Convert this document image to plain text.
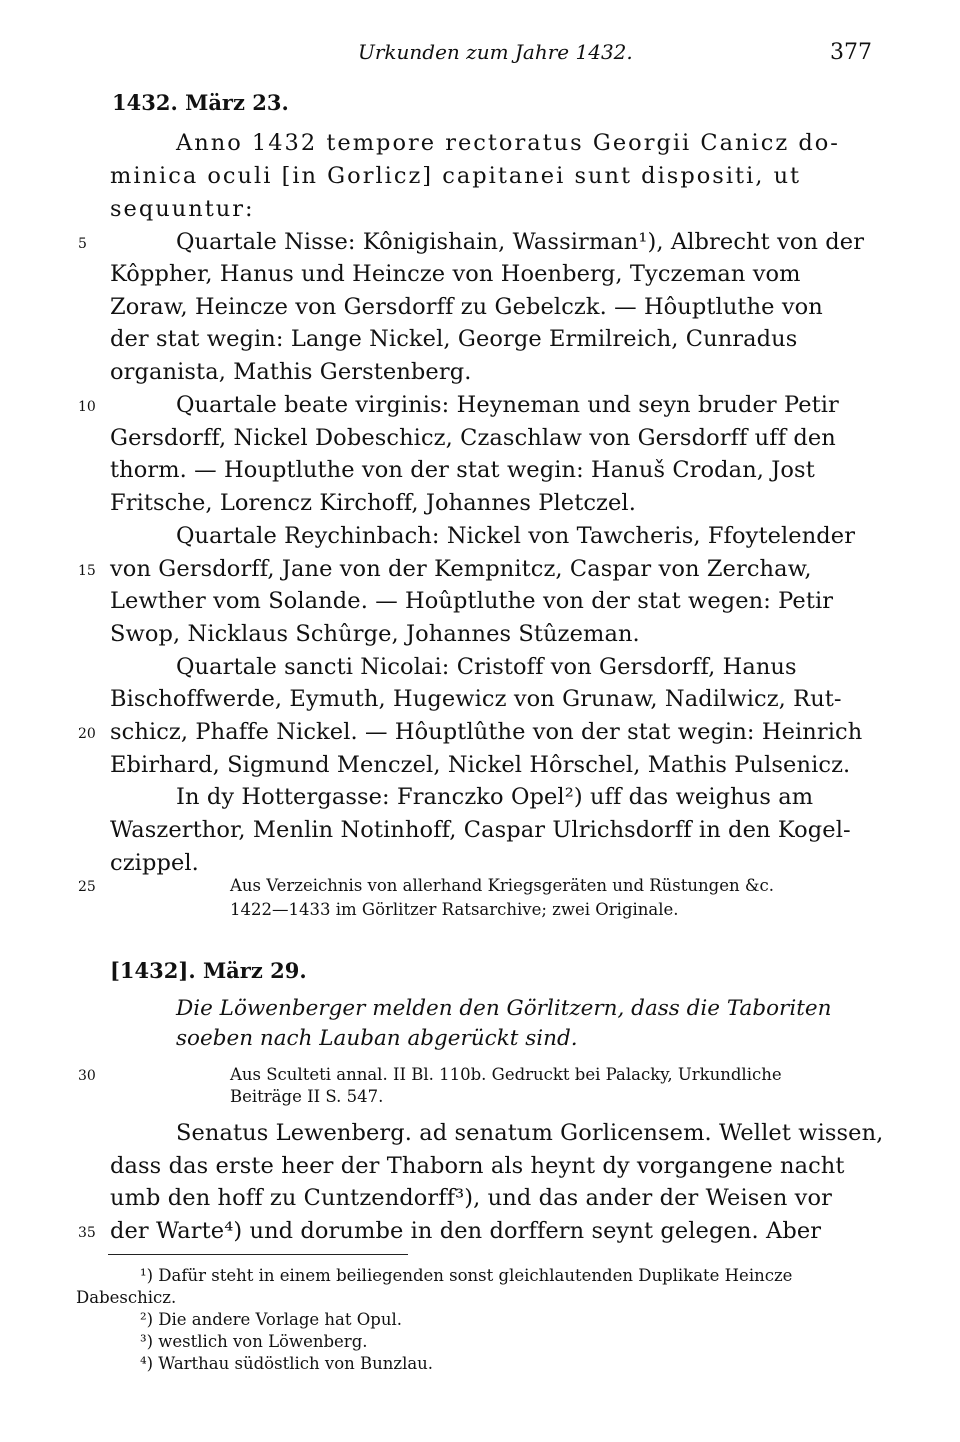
Urkunden zum Jahre 1432.	377
1432. März 23.
Anno 1432 tempore rectoratus Georgii Canicz do-
minica oculi [in Gorlicz] capitanei sunt dispositi, ut
sequuntur:
Quartale Nisse: Kônigishain, Wassirman¹), Albrecht von der
Kôppher, Hanus und Heincze von Hoenberg, Tyczeman vom
Zoraw, Heincze von Gersdorff zu Gebelczk. — Hôuptluthe von
der stat wegin: Lange Nickel, George Ermilreich, Cunradus
organista, Mathis Gerstenberg.
Quartale beate virginis: Heyneman und seyn bruder Petir
Gersdorff, Nickel Dobeschicz, Czaschlaw von Gersdorff uff den
thorm. — Houptluthe von der stat wegin: Hanuš Crodan, Jost
Fritsche, Lorencz Kirchoff, Johannes Pletczel.
Quartale Reychinbach: Nickel von Tawcheris, Ffoytelender
von Gersdorff, Jane von der Kempnitcz, Caspar von Zerchaw,
Lewther vom Solande. — Hoûptluthe von der stat wegen: Petir
Swop, Nicklaus Schûrge, Johannes Stûzeman.
Quartale sancti Nicolai: Cristoff von Gersdorff, Hanus
Bischoffwerde, Eymuth, Hugewicz von Grunaw, Nadilwicz, Rut-
schicz, Phaffe Nickel. — Hôuptlûthe von der stat wegin: Heinrich
Ebirhard, Sigmund Menczel, Nickel Hôrschel, Mathis Pulsenicz.
In dy Hottergasse: Franczko Opel²) uff das weighus am
Waszerthor, Menlin Notinhoff, Caspar Ulrichsdorff in den Kogel-
czippel.
Aus Verzeichnis von allerhand Kriegsgeräten und Rüstungen &c.
1422—1433 im Görlitzer Ratsarchive; zwei Originale.
[1432]. März 29.
Die Löwenberger melden den Görlitzern, dass die Taboriten
soeben nach Lauban abgerückt sind.
Aus Sculteti annal. II Bl. 110b. Gedruckt bei Palacky, Urkundliche
Beiträge II S. 547.
Senatus Lewenberg. ad senatum Gorlicensem. Wellet wissen,
dass das erste heer der Thaborn als heynt dy vorgangene nacht
umb den hoff zu Cuntzendorff³), und das ander der Weisen vor
der Warte⁴) und dorumbe in den dorffern seynt gelegen. Aber
5
10
15
20
25
30
35
¹) Dafür steht in einem beiliegenden sonst gleichlautenden Duplikate Heincze
Dabeschicz.
²) Die andere Vorlage hat Opul.
³) westlich von Löwenberg.
⁴) Warthau südöstlich von Bunzlau.
